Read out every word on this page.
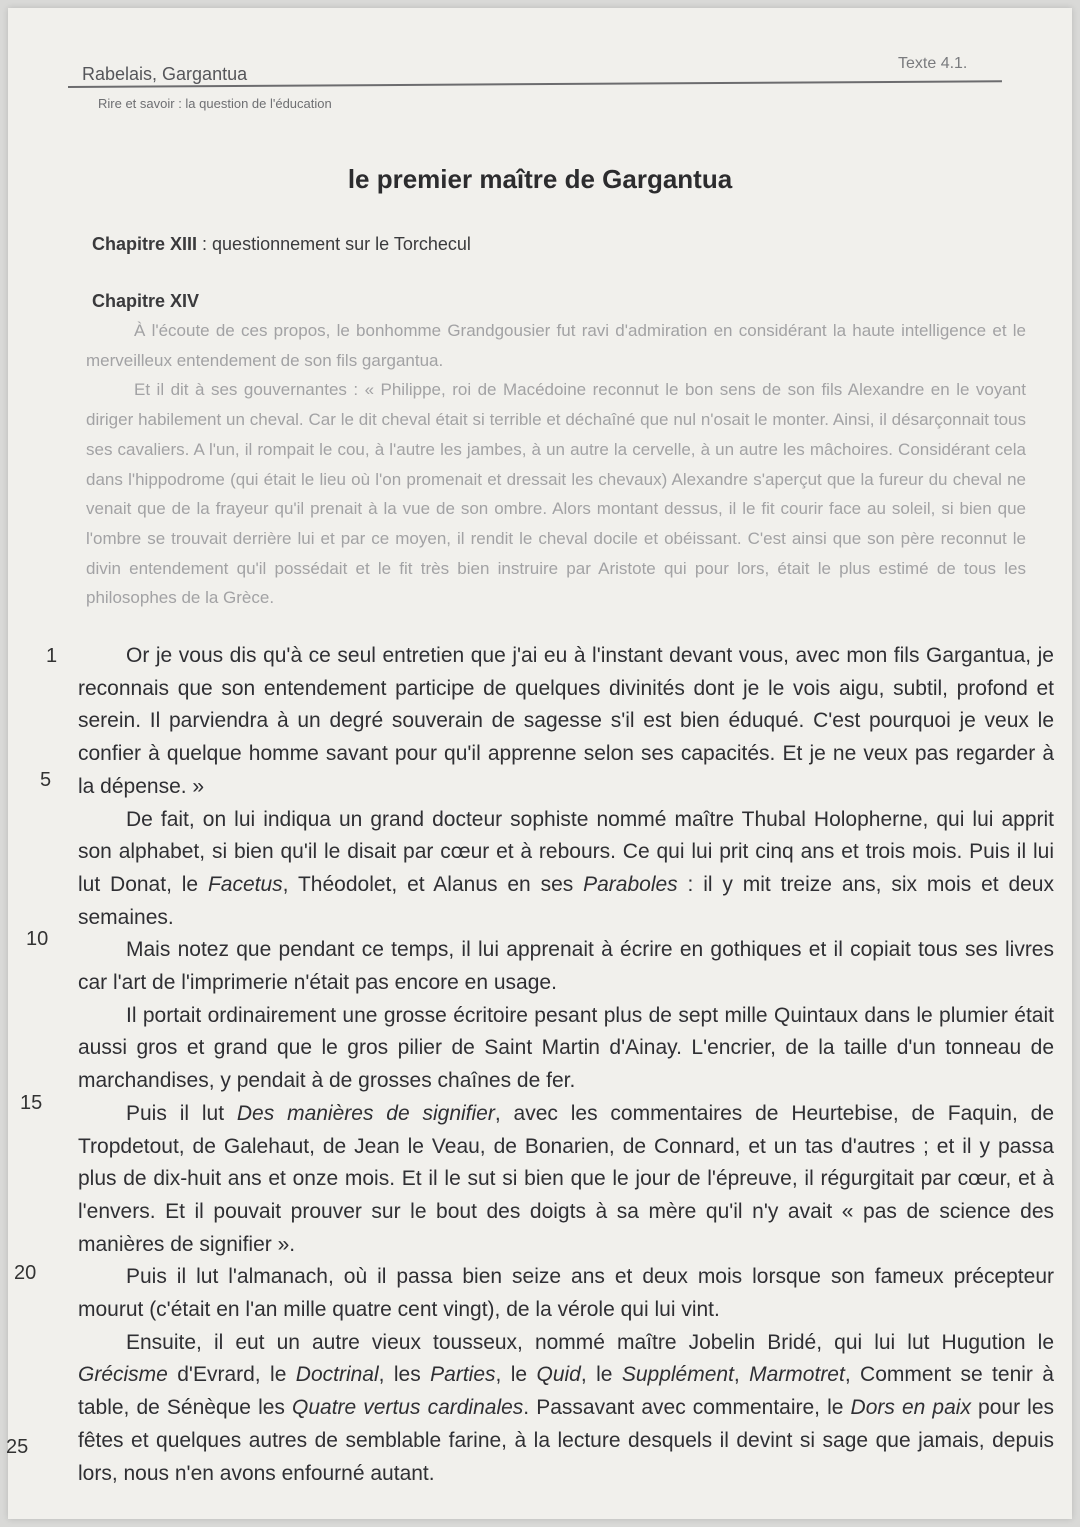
Rabelais, Gargantua
Texte 4.1.
Rire et savoir : la question de l'éducation
le premier maître de Gargantua
Chapitre XIII : questionnement sur le Torchecul
Chapitre XIV

À l'écoute de ces propos, le bonhomme Grandgousier fut ravi d'admiration en considérant la haute intelligence et le merveilleux entendement de son fils gargantua.

Et il dit à ses gouvernantes : « Philippe, roi de Macédoine reconnut le bon sens de son fils Alexandre en le voyant diriger habilement un cheval. Car le dit cheval était si terrible et déchaîné que nul n'osait le monter. Ainsi, il désarçonnait tous ses cavaliers. A l'un, il rompait le cou, à l'autre les jambes, à un autre la cervelle, à un autre les mâchoires. Considérant cela dans l'hippodrome (qui était le lieu où l'on promenait et dressait les chevaux) Alexandre s'aperçut que la fureur du cheval ne venait que de la frayeur qu'il prenait à la vue de son ombre. Alors montant dessus, il le fit courir face au soleil, si bien que l'ombre se trouvait derrière lui et par ce moyen, il rendit le cheval docile et obéissant. C'est ainsi que son père reconnut le divin entendement qu'il possédait et le fit très bien instruire par Aristote qui pour lors, était le plus estimé de tous les philosophes de la Grèce.

1
5
10
15
20
25

Or je vous dis qu'à ce seul entretien que j'ai eu à l'instant devant vous, avec mon fils Gargantua, je reconnais que son entendement participe de quelques divinités dont je le vois aigu, subtil, profond et serein. Il parviendra à un degré souverain de sagesse s'il est bien éduqué. C'est pourquoi je veux le confier à quelque homme savant pour qu'il apprenne selon ses capacités. Et je ne veux pas regarder à la dépense. »

De fait, on lui indiqua un grand docteur sophiste nommé maître Thubal Holopherne, qui lui apprit son alphabet, si bien qu'il le disait par cœur et à rebours. Ce qui lui prit cinq ans et trois mois. Puis il lui lut Donat, le Facetus, Théodolet, et Alanus en ses Paraboles : il y mit treize ans, six mois et deux semaines.

Mais notez que pendant ce temps, il lui apprenait à écrire en gothiques et il copiait tous ses livres car l'art de l'imprimerie n'était pas encore en usage.

Il portait ordinairement une grosse écritoire pesant plus de sept mille Quintaux dans le plumier était aussi gros et grand que le gros pilier de Saint Martin d'Ainay. L'encrier, de la taille d'un tonneau de marchandises, y pendait à de grosses chaînes de fer.

Puis il lut Des manières de signifier, avec les commentaires de Heurtebise, de Faquin, de Tropdetout, de Galehaut, de Jean le Veau, de Bonarien, de Connard, et un tas d'autres ; et il y passa plus de dix-huit ans et onze mois. Et il le sut si bien que le jour de l'épreuve, il régurgitait par cœur, et à l'envers. Et il pouvait prouver sur le bout des doigts à sa mère qu'il n'y avait « pas de science des manières de signifier ».

Puis il lut l'almanach, où il passa bien seize ans et deux mois lorsque son fameux précepteur mourut (c'était en l'an mille quatre cent vingt), de la vérole qui lui vint.

Ensuite, il eut un autre vieux tousseux, nommé maître Jobelin Bridé, qui lui lut Hugution le Grécisme d'Evrard, le Doctrinal, les Parties, le Quid, le Supplément, Marmotret, Comment se tenir à table, de Sénèque les Quatre vertus cardinales. Passavant avec commentaire, le Dors en paix pour les fêtes et quelques autres de semblable farine, à la lecture desquels il devint si sage que jamais, depuis lors, nous n'en avons enfourné autant.
